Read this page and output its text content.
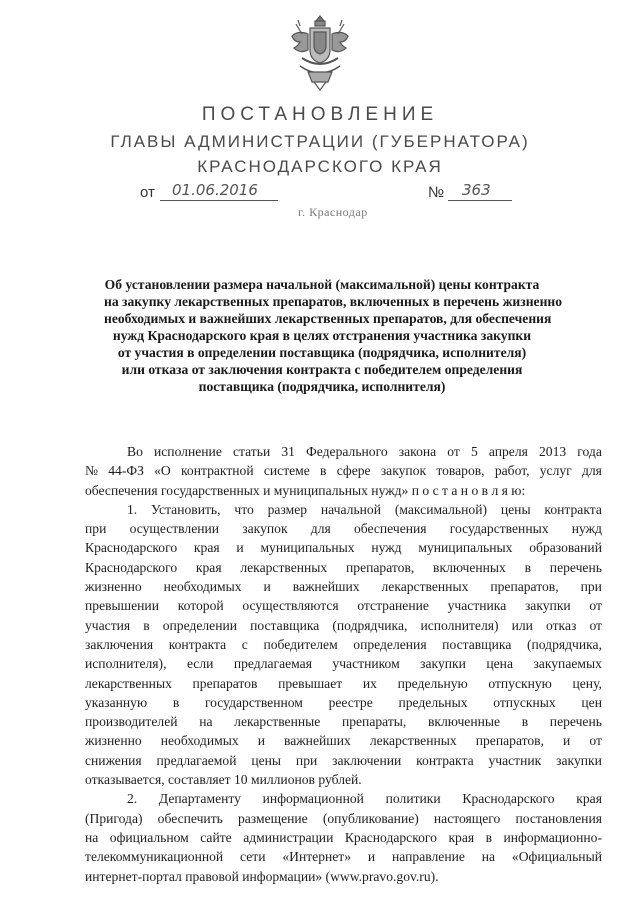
ПОСТАНОВЛЕНИЕ
ГЛАВЫ АДМИНИСТРАЦИИ (ГУБЕРНАТОРА)
КРАСНОДАРСКОГО КРАЯ
от 01.06.2016	№ 363
г. Краснодар
Об установлении размера начальной (максимальной) цены контракта
на закупку лекарственных препаратов, включенных в перечень жизненно
необходимых и важнейших лекарственных препаратов, для обеспечения
нужд Краснодарского края в целях отстранения участника закупки
от участия в определении поставщика (подрядчика, исполнителя)
или отказа от заключения контракта с победителем определения
поставщика (подрядчика, исполнителя)
Во исполнение статьи 31 Федерального закона от 5 апреля 2013 года
№ 44-ФЗ «О контрактной системе в сфере закупок товаров, работ, услуг для
обеспечения государственных и муниципальных нужд» п о с т а н о в л я ю:
1. Установить, что размер начальной (максимальной) цены контракта
при осуществлении закупок для обеспечения государственных нужд
Краснодарского края и муниципальных нужд муниципальных образований
Краснодарского края лекарственных препаратов, включенных в перечень
жизненно необходимых и важнейших лекарственных препаратов, при
превышении которой осуществляются отстранение участника закупки от
участия в определении поставщика (подрядчика, исполнителя) или отказ от
заключения контракта с победителем определения поставщика (подрядчика,
исполнителя), если предлагаемая участником закупки цена закупаемых
лекарственных препаратов превышает их предельную отпускную цену,
указанную в государственном реестре предельных отпускных цен
производителей на лекарственные препараты, включенные в перечень
жизненно необходимых и важнейших лекарственных препаратов, и от
снижения предлагаемой цены при заключении контракта участник закупки
отказывается, составляет 10 миллионов рублей.
2. Департаменту информационной политики Краснодарского края
(Пригода) обеспечить размещение (опубликование) настоящего постановления
на официальном сайте администрации Краснодарского края в информационно-
телекоммуникационной сети «Интернет» и направление на «Официальный
интернет-портал правовой информации» (www.pravo.gov.ru).
